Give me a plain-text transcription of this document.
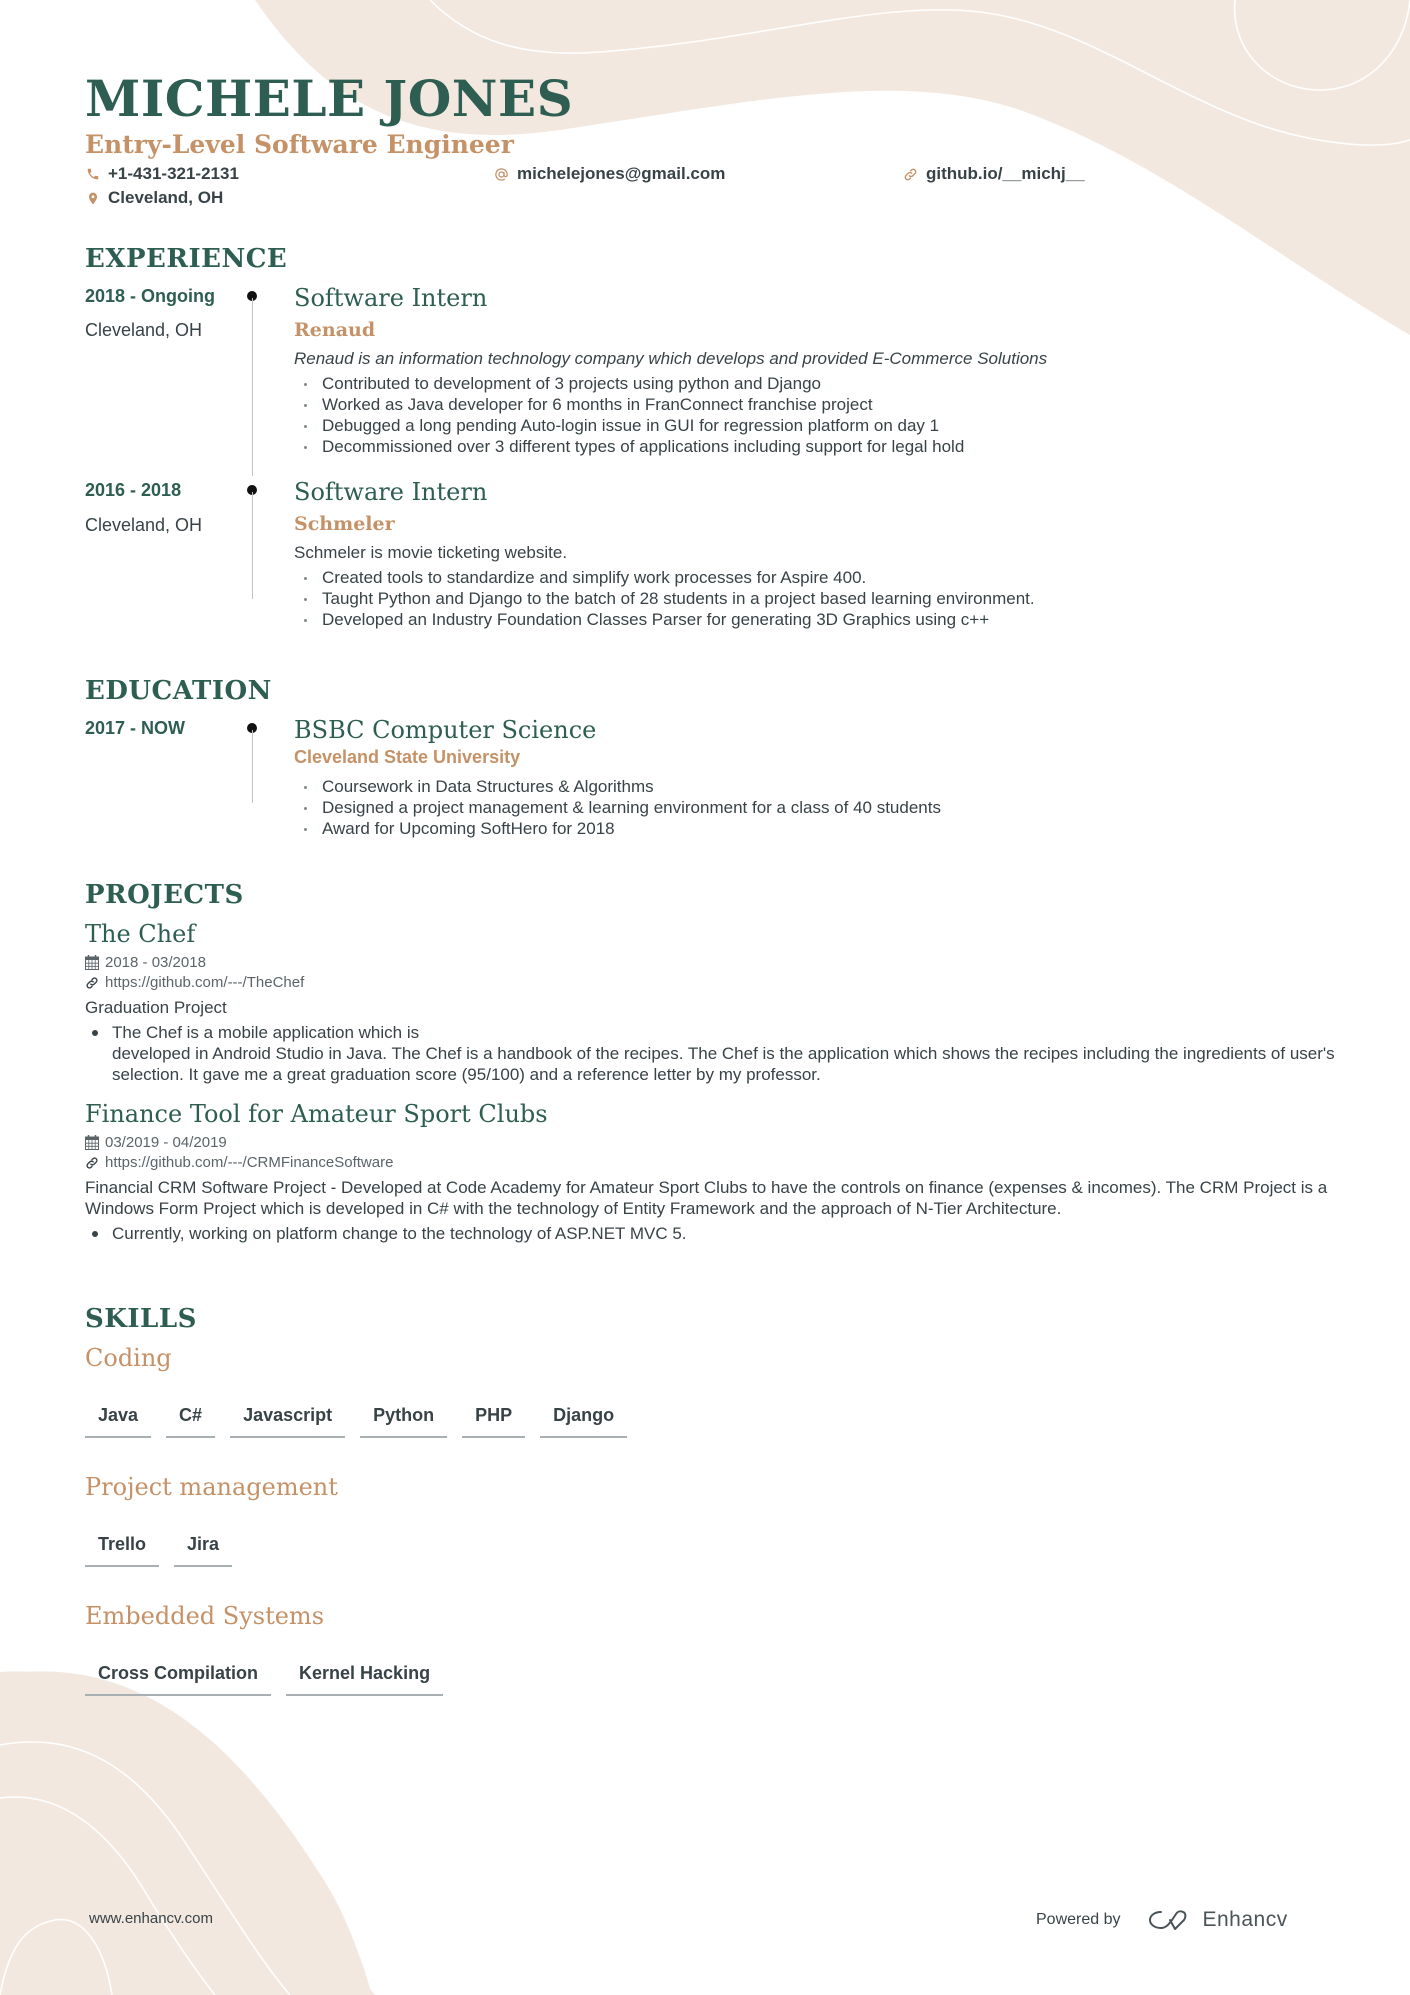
MICHELE JONES
Entry-Level Software Engineer
+1-431-321-2131	michelejones@gmail.com	github.io/__michj__
Cleveland, OH
EXPERIENCE
2018 - Ongoing
Cleveland, OH
Software Intern
Renaud
Renaud is an information technology company which develops and provided E-Commerce Solutions
Contributed to development of 3 projects using python and Django
Worked as Java developer for 6 months in FranConnect franchise project
Debugged a long pending Auto-login issue in GUI for regression platform on day 1
Decommissioned over 3 different types of applications including support for legal hold
2016 - 2018
Cleveland, OH
Software Intern
Schmeler
Schmeler is movie ticketing website.
Created tools to standardize and simplify work processes for Aspire 400.
Taught Python and Django to the batch of 28 students in a project based learning environment.
Developed an Industry Foundation Classes Parser for generating 3D Graphics using c++
EDUCATION
2017 - NOW	BSBC Computer Science
Cleveland State University
Coursework in Data Structures & Algorithms
Designed a project management & learning environment for a class of 40 students
Award for Upcoming SoftHero for 2018
PROJECTS
The Chef
2018 - 03/2018
https://github.com/---/TheChef
Graduation Project
The Chef is a mobile application which is
developed in Android Studio in Java. The Chef is a handbook of the recipes. The Chef is the application which shows the recipes including the ingredients of user's selection. It gave me a great graduation score (95/100) and a reference letter by my professor.
Finance Tool for Amateur Sport Clubs
03/2019 - 04/2019
https://github.com/---/CRMFinanceSoftware
Financial CRM Software Project - Developed at Code Academy for Amateur Sport Clubs to have the controls on finance (expenses & incomes). The CRM Project is a Windows Form Project which is developed in C# with the technology of Entity Framework and the approach of N-Tier Architecture.
Currently, working on platform change to the technology of ASP.NET MVC 5.
SKILLS
Coding
Java	C#	Javascript	Python	PHP	Django
Project management
Trello	Jira
Embedded Systems
Cross Compilation	Kernel Hacking
www.enhancv.com	Powered by	Enhancv
